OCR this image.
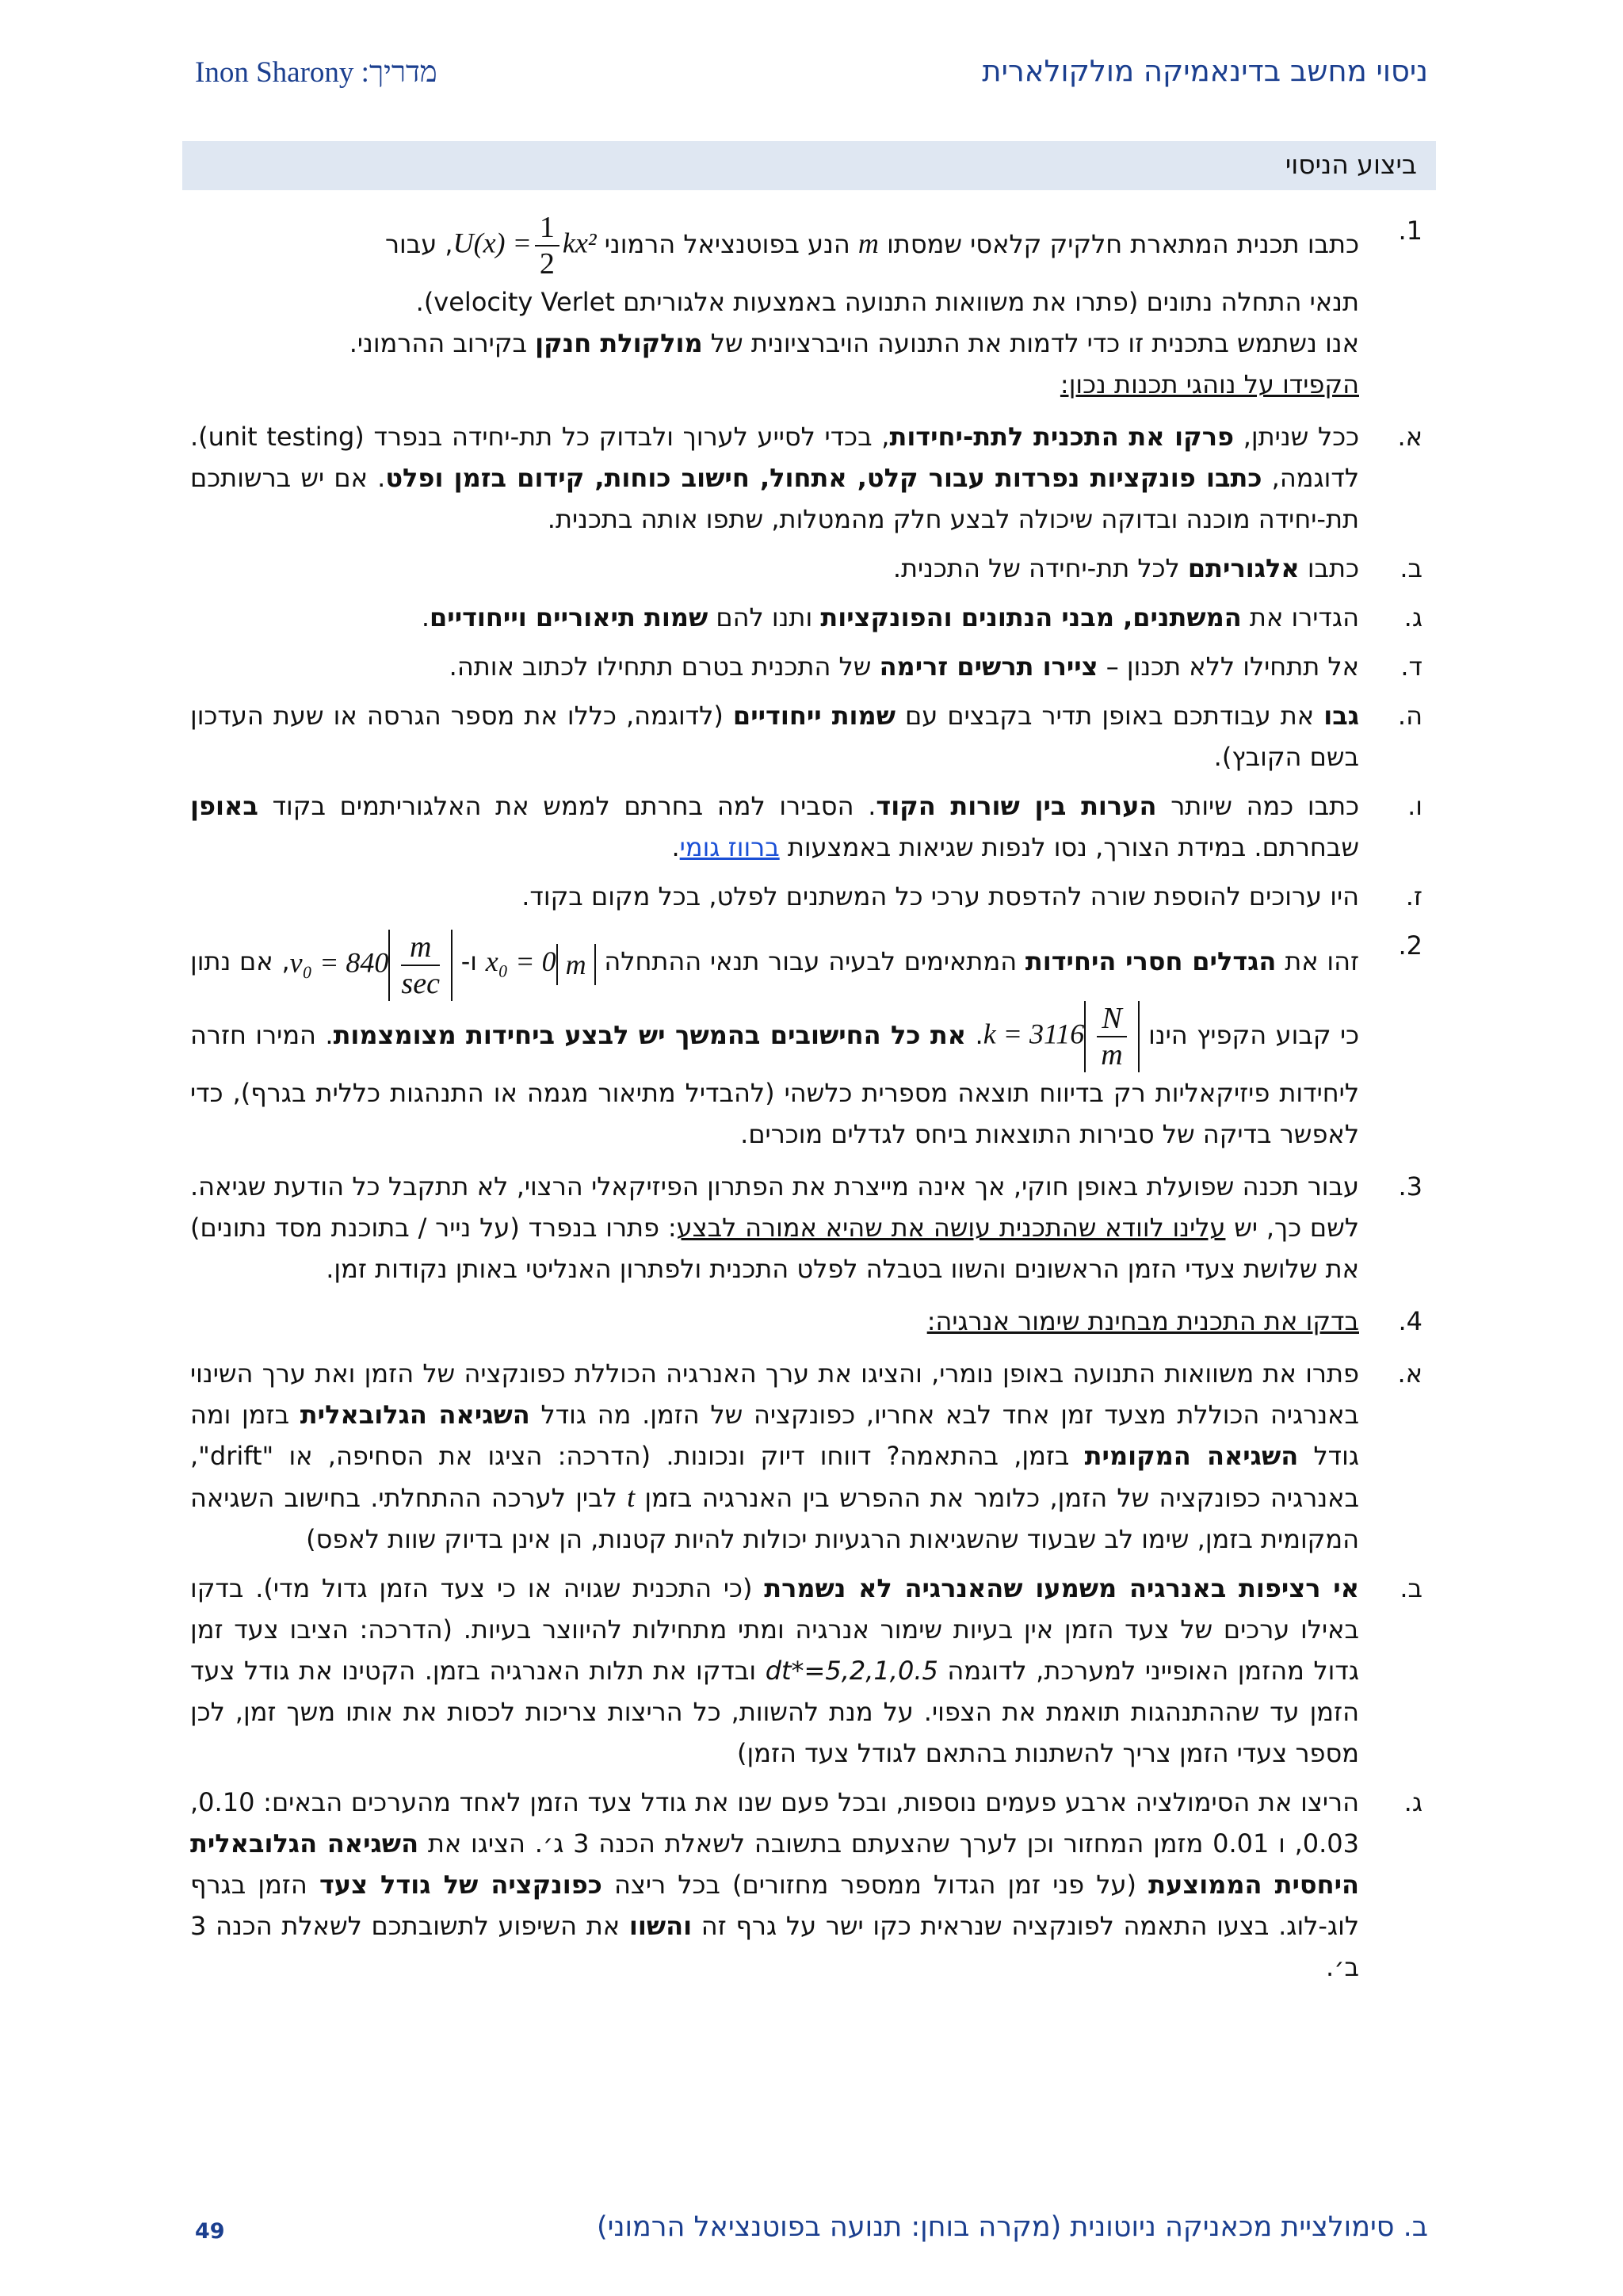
Inon Sharony :מדריך	ניסוי מחשב בדינאמיקה מולקולארית
ביצוע הניסוי
1.
כתבו תכנית המתארת חלקיק קלאסי שמסתו m הנע בפוטנציאל הרמוני $U(x) = \frac{1}{2} kx^2$, עבור
תנאי התחלה נתונים (פתרו את משוואות התנועה באמצעות אלגוריתם velocity Verlet).
אנו נשתמש בתכנית זו כדי לדמות את התנועה הויברציונית של מולקולת חנקן בקירוב ההרמוני.
הקפידו על נוהגי תכנות נכון:
א.
ככל שניתן, פרקו את התכנית לתת-יחידות, בכדי לסייע לערוך ולבדוק כל תת-יחידה בנפרד (unit testing). לדוגמה, כתבו פונקציות נפרדות עבור קלט, אתחול, חישוב כוחות, קידום בזמן ופלט. אם יש ברשותכם תת-יחידה מוכנה ובדוקה שיכולה לבצע חלק מהמטלות, שתפו אותה בתכנית.
ב.
כתבו אלגוריתם לכל תת-יחידה של התכנית.
ג.
הגדירו את המשתנים, מבני הנתונים והפונקציות ותנו להם שמות תיאוריים וייחודיים.
ד.
אל תתחילו ללא תכנון – ציירו תרשים זרימה של התכנית בטרם תתחילו לכתוב אותה.
ה.
גבו את עבודתכם באופן תדיר בקבצים עם שמות ייחודיים (לדוגמה, כללו את מספר הגרסה או שעת העדכון בשם הקובץ).
ו.
כתבו כמה שיותר הערות בין שורות הקוד. הסבירו למה בחרתם לממש את האלגוריתמים בקוד באופן שבחרתם. במידת הצורך, נסו לנפות שגיאות באמצעות ברווז גומי.
ז.
היו ערוכים להוספת שורה להדפסת ערכי כל המשתנים לפלט, בכל מקום בקוד.
2.
זהו את הגדלים חסרי היחידות המתאימים לבעיה עבור תנאי ההתחלה x₀ = 0 m ו- $v_0 = 840 \frac{m}{\sec}$
, אם נתון כי קבוע הקפיץ הינו $k = 3116 \frac{N}{m}$
. את כל החישובים בהמשך יש לבצע ביחידות מצומצמות. המירו חזרה ליחידות פיזיקאליות רק בדיווח תוצאה מספרית כלשהי (להבדיל מתיאור מגמה או התנהגות כללית בגרף), כדי לאפשר בדיקה של סבירות התוצאות ביחס לגדלים מוכרים.
3.
עבור תכנה שפועלת באופן חוקי, אך אינה מייצרת את הפתרון הפיזיקאלי הרצוי, לא תתקבל כל הודעת שגיאה. לשם כך, יש עלינו לוודא שהתכנית עושה את שהיא אמורה לבצע: פתרו בנפרד (על נייר / בתוכנת מסד נתונים) את שלושת צעדי הזמן הראשונים והשוו בטבלה לפלט התכנית ולפתרון האנליטי באותן נקודות זמן.
4.
בדקו את התכנית מבחינת שימור אנרגיה:
א.
פתרו את משוואות התנועה באופן נומרי, והציגו את ערך האנרגיה הכוללת כפונקציה של הזמן ואת ערך השינוי באנרגיה הכוללת מצעד זמן אחד לבא אחריו, כפונקציה של הזמן. מה גודל השגיאה הגלובאלית בזמן ומה גודל השגיאה המקומית בזמן, בהתאמה? דווחו דיוק ונכונות. (הדרכה: הציגו את הסחיפה, או "drift", באנרגיה כפונקציה של הזמן, כלומר את ההפרש בין האנרגיה בזמן t לבין לערכה ההתחלתי. בחישוב השגיאה המקומית בזמן, שימו לב שבעוד שהשגיאות הרגעיות יכולות להיות קטנות, הן אינן בדיוק שוות לאפס)
ב.
אי רציפות באנרגיה משמעו שהאנרגיה לא נשמרת (כי התכנית שגויה או כי צעד הזמן גדול מדי). בדקו באילו ערכים של צעד הזמן אין בעיות שימור אנרגיה ומתי מתחילות להיווצר בעיות. (הדרכה: הציבו צעד זמן גדול מהזמן האופייני למערכת, לדוגמה dt*=5,2,1,0.5 ובדקו את תלות האנרגיה בזמן. הקטינו את גודל צעד הזמן עד שההתנהגות תואמת את הצפוי. על מנת להשוות, כל הריצות צריכות לכסות את אותו משך זמן, לכן מספר צעדי הזמן צריך להשתנות בהתאם לגודל צעד הזמן)
ג.
הריצו את הסימולציה ארבע פעמים נוספות, ובכל פעם שנו את גודל צעד הזמן לאחד מהערכים הבאים: 0.10, 0.03, ו 0.01 מזמן המחזור וכן לערך שהצעתם בתשובה לשאלת הכנה 3 ג׳. הציגו את השגיאה הגלובאלית היחסית הממוצעת (על פני זמן הגדול ממספר מחזורים) בכל ריצה כפונקציה של גודל צעד הזמן בגרף לוג-לוג. בצעו התאמה לפונקציה שנראית כקו ישר על גרף זה והשוו את השיפוע לתשובתכם לשאלת הכנה 3 ב׳.
49	ב. סימולציית מכאניקה ניוטונית (מקרה בוחן: תנועה בפוטנציאל הרמוני)
